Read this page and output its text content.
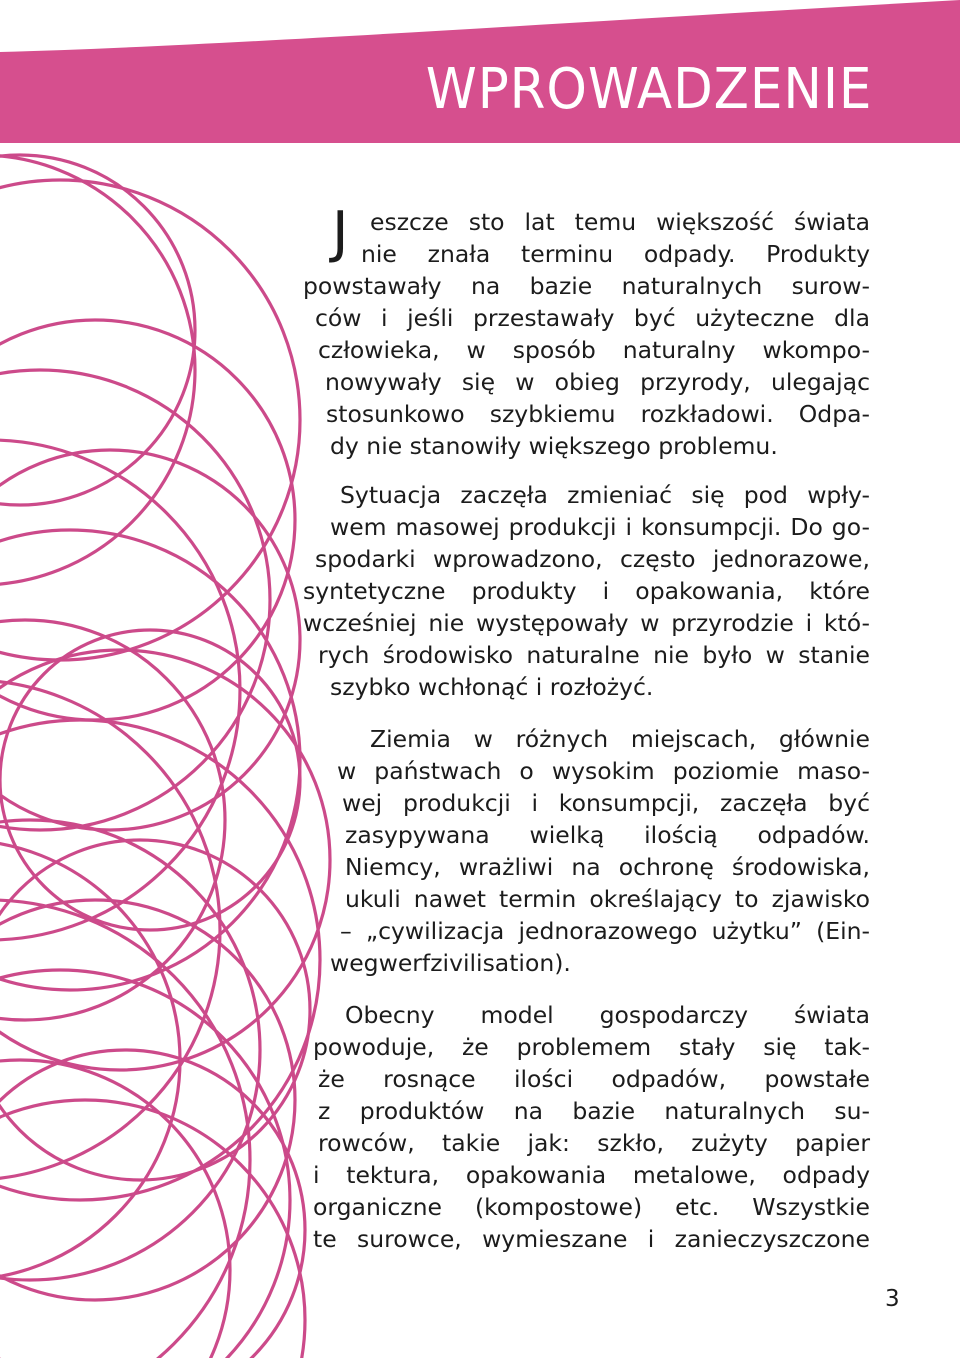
WPROWADZENIE

J eszcze sto lat temu większość świata

nie znała terminu odpady. Produkty

powstawały na bazie naturalnych surow-

ców i jeśli przestawały być użyteczne dla

człowieka, w sposób naturalny wkompo-

nowywały się w obieg przyrody, ulegając

stosunkowo szybkiemu rozkładowi. Odpa-

dy nie stanowiły większego problemu.

Sytuacja zaczęła zmieniać się pod wpły-

wem masowej produkcji i konsumpcji. Do go-

spodarki wprowadzono, często jednorazowe,

syntetyczne produkty i opakowania, które

wcześniej nie występowały w przyrodzie i któ-

rych środowisko naturalne nie było w stanie

szybko wchłonąć i rozłożyć.

Ziemia w różnych miejscach, głównie

w państwach o wysokim poziomie maso-

wej produkcji i konsumpcji, zaczęła być

zasypywana wielką ilością odpadów.

Niemcy, wrażliwi na ochronę środowiska,

ukuli nawet termin określający to zjawisko

– „cywilizacja jednorazowego użytku” (Ein-

wegwerfzivilisation).

Obecny model gospodarczy świata

powoduje, że problemem stały się tak-

że rosnące ilości odpadów, powstałe

z produktów na bazie naturalnych su-

rowców, takie jak: szkło, zużyty papier

i tektura, opakowania metalowe, odpady

organiczne (kompostowe) etc. Wszystkie

te surowce, wymieszane i zanieczyszczone

3
